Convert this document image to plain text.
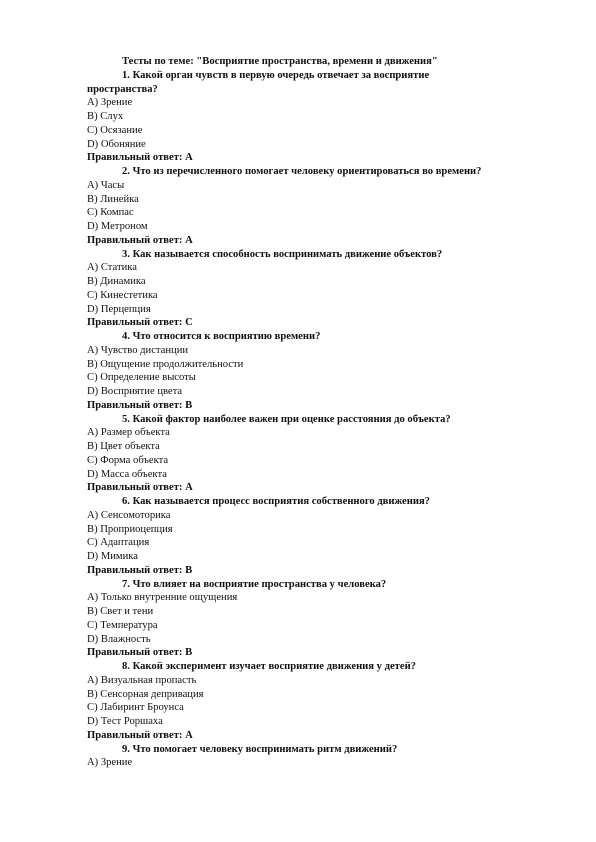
Тесты по теме: "Восприятие пространства, времени и движения"
1. Какой орган чувств в первую очередь отвечает за восприятие
пространства?
A) Зрение
B) Слух
C) Осязание
D) Обоняние
Правильный ответ: A
2. Что из перечисленного помогает человеку ориентироваться во времени?
A) Часы
B) Линейка
C) Компас
D) Метроном
Правильный ответ: A
3. Как называется способность воспринимать движение объектов?
A) Статика
B) Динамика
C) Кинестетика
D) Перцепция
Правильный ответ: C
4. Что относится к восприятию времени?
A) Чувство дистанции
B) Ощущение продолжительности
C) Определение высоты
D) Восприятие цвета
Правильный ответ: B
5. Какой фактор наиболее важен при оценке расстояния до объекта?
A) Размер объекта
B) Цвет объекта
C) Форма объекта
D) Масса объекта
Правильный ответ: A
6. Как называется процесс восприятия собственного движения?
A) Сенсомоторика
B) Проприоцепция
C) Адаптация
D) Мимика
Правильный ответ: B
7. Что влияет на восприятие пространства у человека?
A) Только внутренние ощущения
B) Свет и тени
C) Температура
D) Влажность
Правильный ответ: B
8. Какой эксперимент изучает восприятие движения у детей?
A) Визуальная пропасть
B) Сенсорная депривация
C) Лабиринт Броунса
D) Тест Роршаха
Правильный ответ: A
9. Что помогает человеку воспринимать ритм движений?
A) Зрение
